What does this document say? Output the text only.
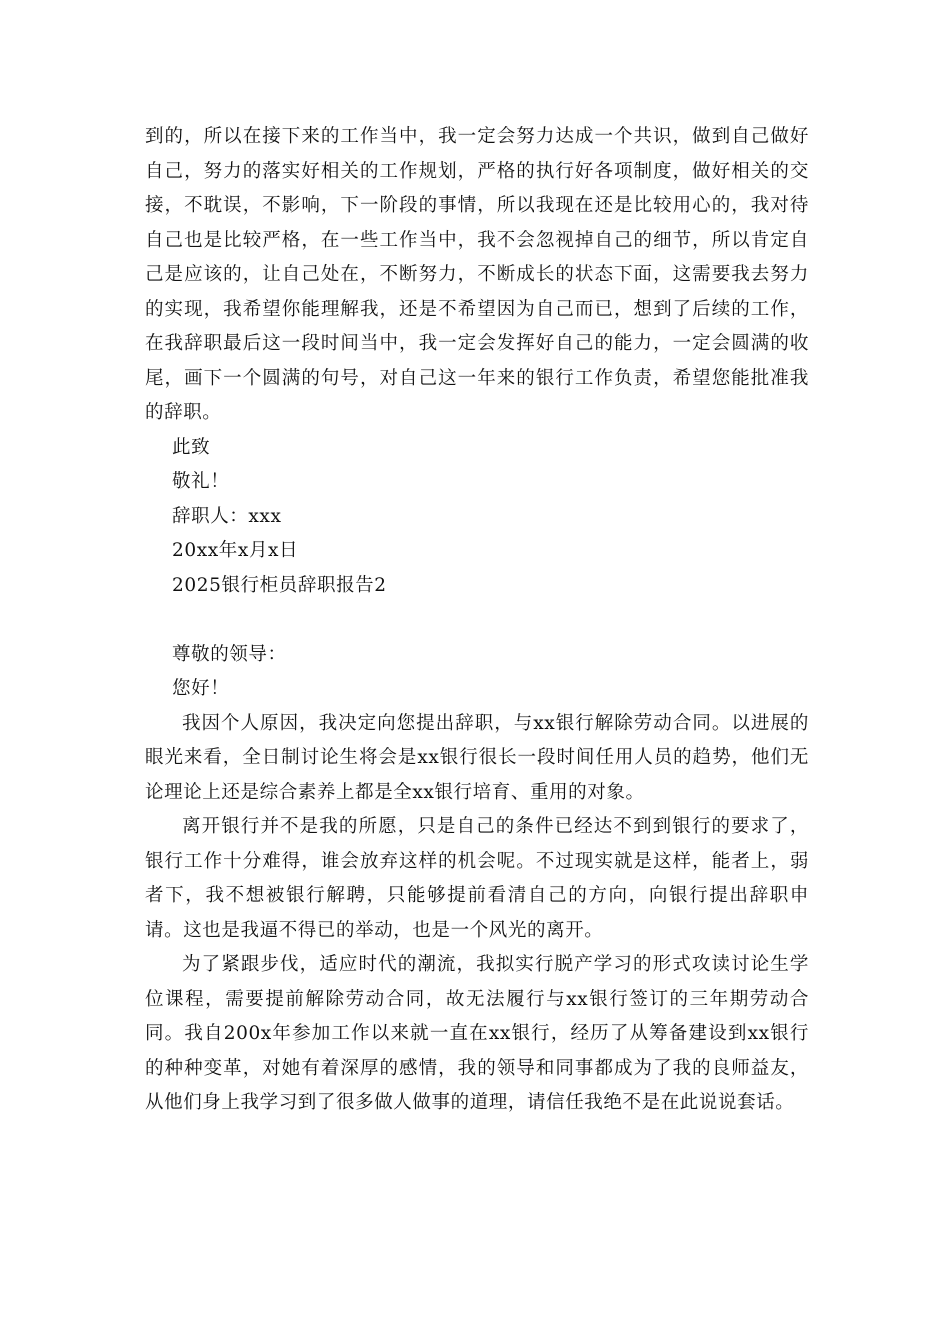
到的，所以在接下来的工作当中，我一定会努力达成一个共识，做到自己做好自己，努力的落实好相关的工作规划，严格的执行好各项制度，做好相关的交接，不耽误，不影响，下一阶段的事情，所以我现在还是比较用心的，我对待自己也是比较严格，在一些工作当中，我不会忽视掉自己的细节，所以肯定自己是应该的，让自己处在，不断努力，不断成长的状态下面，这需要我去努力的实现，我希望你能理解我，还是不希望因为自己而已，想到了后续的工作，在我辞职最后这一段时间当中，我一定会发挥好自己的能力，一定会圆满的收尾，画下一个圆满的句号，对自己这一年来的银行工作负责，希望您能批准我的辞职。

此致

敬礼！

辞职人：xxx

20xx年x月x日

2025银行柜员辞职报告2

尊敬的领导：

您好！

我因个人原因，我决定向您提出辞职，与xx银行解除劳动合同。以进展的眼光来看，全日制讨论生将会是xx银行很长一段时间任用人员的趋势，他们无论理论上还是综合素养上都是全xx银行培育、重用的对象。

离开银行并不是我的所愿，只是自己的条件已经达不到到银行的要求了，银行工作十分难得，谁会放弃这样的机会呢。不过现实就是这样，能者上，弱者下，我不想被银行解聘，只能够提前看清自己的方向，向银行提出辞职申请。这也是我逼不得已的举动，也是一个风光的离开。

为了紧跟步伐，适应时代的潮流，我拟实行脱产学习的形式攻读讨论生学位课程，需要提前解除劳动合同，故无法履行与xx银行签订的三年期劳动合同。我自200x年参加工作以来就一直在xx银行，经历了从筹备建设到xx银行的种种变革，对她有着深厚的感情，我的领导和同事都成为了我的良师益友，从他们身上我学习到了很多做人做事的道理，请信任我绝不是在此说说套话。
